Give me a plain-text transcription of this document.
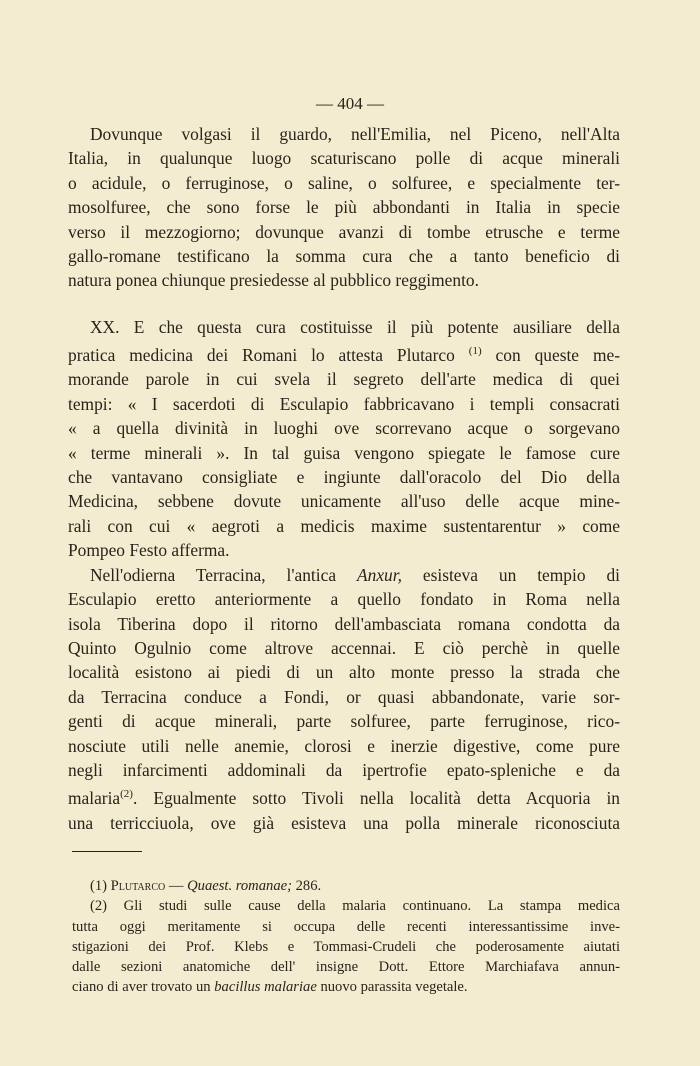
— 404 —
Dovunque volgasi il guardo, nell'Emilia, nel Piceno, nell'Alta
Italia, in qualunque luogo scaturiscano polle di acque minerali
o acidule, o ferruginose, o saline, o solfuree, e specialmente ter-
mosolfuree, che sono forse le più abbondanti in Italia in specie
verso il mezzogiorno; dovunque avanzi di tombe etrusche e terme
gallo-romane testificano la somma cura che a tanto beneficio di
natura ponea chiunque presiedesse al pubblico reggimento.
XX. E che questa cura costituisse il più potente ausiliare della
pratica medicina dei Romani lo attesta Plutarco $^{(1)}$ con queste me-
morande parole in cui svela il segreto dell'arte medica di quei
tempi: « I sacerdoti di Esculapio fabbricavano i templi consacrati
« a quella divinità in luoghi ove scorrevano acque o sorgevano
« terme minerali ». In tal guisa vengono spiegate le famose cure
che vantavano consigliate e ingiunte dall'oracolo del Dio della
Medicina, sebbene dovute unicamente all'uso delle acque mine-
rali con cui « aegroti a medicis maxime sustentarentur » come
Pompeo Festo afferma.
Nell'odierna Terracina, l'antica Anxur, esisteva un tempio di
Esculapio eretto anteriormente a quello fondato in Roma nella
isola Tiberina dopo il ritorno dell'ambasciata romana condotta da
Quinto Ogulnio come altrove accennai. E ciò perchè in quelle
località esistono ai piedi di un alto monte presso la strada che
da Terracina conduce a Fondi, or quasi abbandonate, varie sor-
genti di acque minerali, parte solfuree, parte ferruginose, rico-
nosciute utili nelle anemie, clorosi e inerzie digestive, come pure
negli infarcimenti addominali da ipertrofie epato-spleniche e da
malaria$^{(2)}$. Egualmente sotto Tivoli nella località detta Acquoria in
una terricciuola, ove già esisteva una polla minerale riconosciuta
(1) Plutarco — Quaest. romanae; 286.
(2) Gli studi sulle cause della malaria continuano. La stampa medica
tutta oggi meritamente si occupa delle recenti interessantissime inve-
stigazioni dei Prof. Klebs e Tommasi-Crudeli che poderosamente aiutati
dalle sezioni anatomiche dell' insigne Dott. Ettore Marchiafava annun-
ciano di aver trovato un bacillus malariae nuovo parassita vegetale.
